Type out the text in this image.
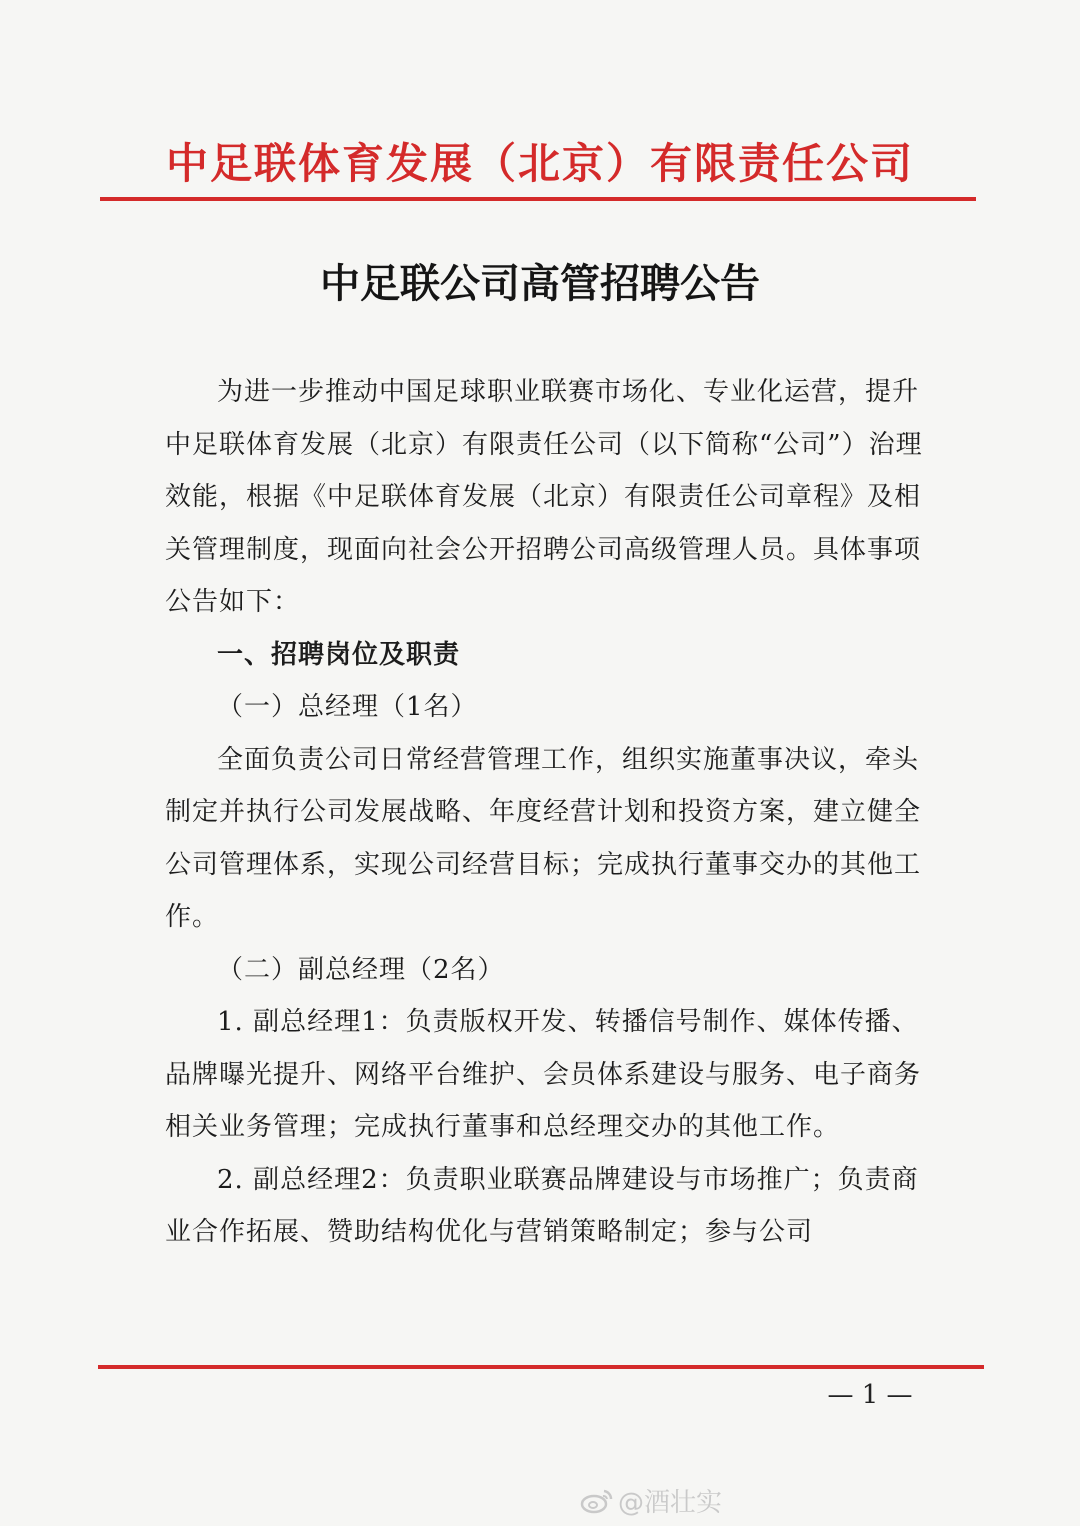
中足联体育发展（北京）有限责任公司
中足联公司高管招聘公告

为进一步推动中国足球职业联赛市场化、专业化运营，提升中足联体育发展（北京）有限责任公司（以下简称“公司”）治理效能，根据《中足联体育发展（北京）有限责任公司章程》及相关管理制度，现面向社会公开招聘公司高级管理人员。具体事项公告如下：

一、招聘岗位及职责

（一）总经理（1名）

全面负责公司日常经营管理工作，组织实施董事决议，牵头制定并执行公司发展战略、年度经营计划和投资方案，建立健全公司管理体系，实现公司经营目标；完成执行董事交办的其他工作。

（二）副总经理（2名）

1. 副总经理1：负责版权开发、转播信号制作、媒体传播、品牌曝光提升、网络平台维护、会员体系建设与服务、电子商务相关业务管理；完成执行董事和总经理交办的其他工作。

2. 副总经理2：负责职业联赛品牌建设与市场推广；负责商业合作拓展、赞助结构优化与营销策略制定；参与公司

— 1 —
@酒壮实
